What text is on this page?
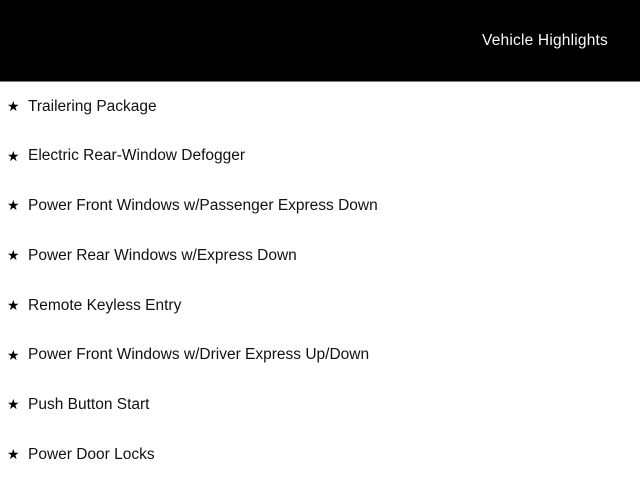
Vehicle Highlights
★ Trailering Package
★ Electric Rear-Window Defogger
★ Power Front Windows w/Passenger Express Down
★ Power Rear Windows w/Express Down
★ Remote Keyless Entry
★ Power Front Windows w/Driver Express Up/Down
★ Push Button Start
★ Power Door Locks
